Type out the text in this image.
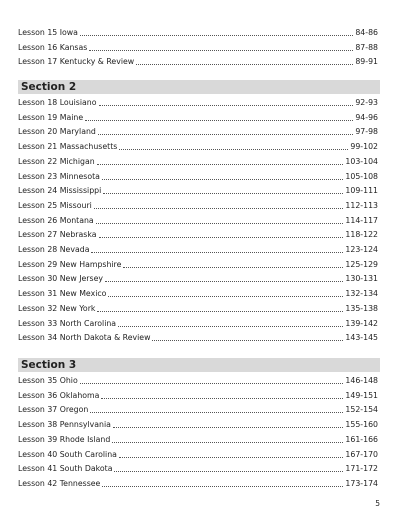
Lesson 15 Iowa	84-86
Lesson 16 Kansas	87-88
Lesson 17 Kentucky & Review	89-91
Section 2
Lesson 18 Louisiano	92-93
Lesson 19 Maine	94-96
Lesson 20 Maryland	97-98
Lesson 21 Massachusetts	99-102
Lesson 22 Michigan	103-104
Lesson 23 Minnesota	105-108
Lesson 24 Mississippi	109-111
Lesson 25 Missouri	112-113
Lesson 26 Montana	114-117
Lesson 27 Nebraska	118-122
Lesson 28 Nevada	123-124
Lesson 29 New Hampshire	125-129
Lesson 30 New Jersey	130-131
Lesson 31 New Mexico	132-134
Lesson 32 New York	135-138
Lesson 33 North Carolina	139-142
Lesson 34 North Dakota & Review	143-145
Section 3
Lesson 35 Ohio	146-148
Lesson 36 Oklahoma	149-151
Lesson 37 Oregon	152-154
Lesson 38 Pennsylvania	155-160
Lesson 39 Rhode Island	161-166
Lesson 40 South Carolina	167-170
Lesson 41 South Dakota	171-172
Lesson 42 Tennessee	173-174
5
